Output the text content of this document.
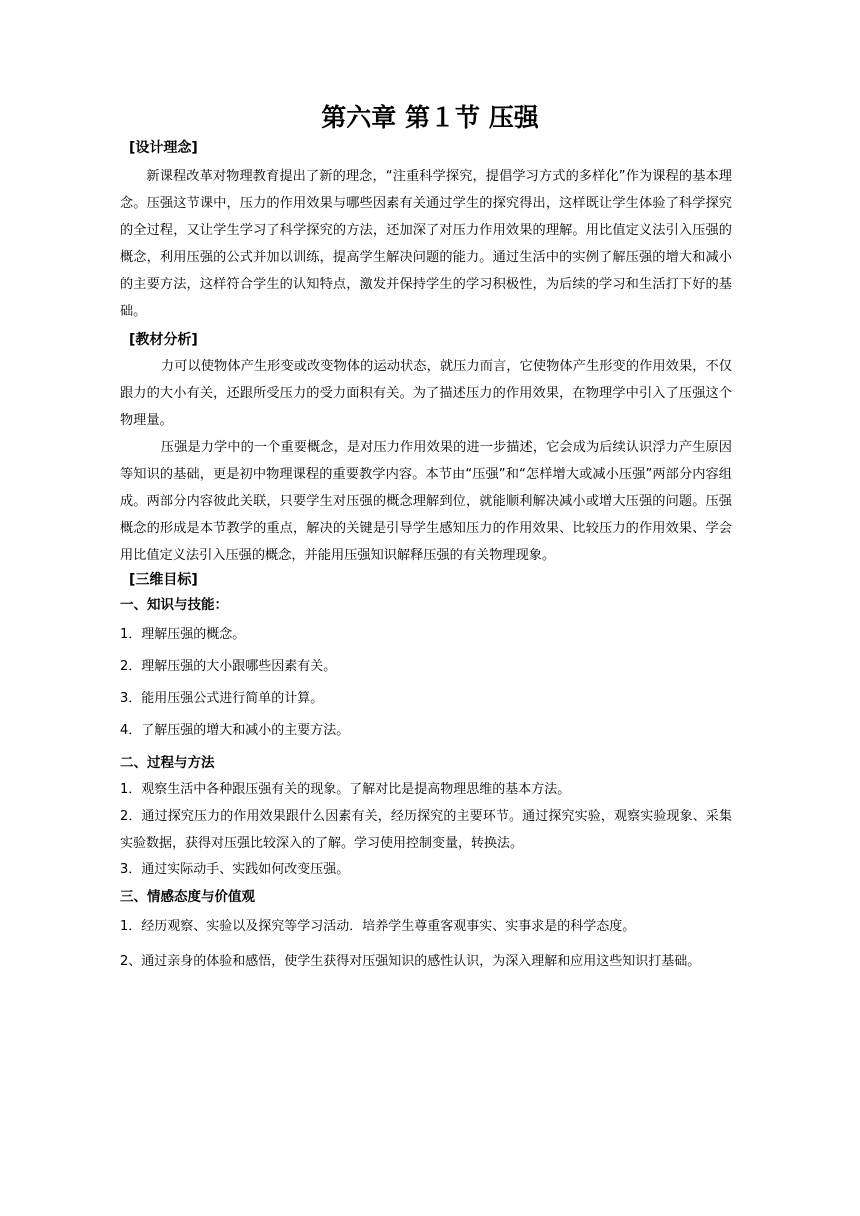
第六章 第１节 压强
[设计理念]

新课程改革对物理教育提出了新的理念，“注重科学探究，提倡学习方式的多样化”作为课程的基本理念。压强这节课中，压力的作用效果与哪些因素有关通过学生的探究得出，这样既让学生体验了科学探究的全过程，又让学生学习了科学探究的方法，还加深了对压力作用效果的理解。用比值定义法引入压强的概念，利用压强的公式并加以训练，提高学生解决问题的能力。通过生活中的实例了解压强的增大和减小的主要方法，这样符合学生的认知特点，激发并保持学生的学习积极性，为后续的学习和生活打下好的基础。

[教材分析]

力可以使物体产生形变或改变物体的运动状态，就压力而言，它使物体产生形变的作用效果，不仅跟力的大小有关，还跟所受压力的受力面积有关。为了描述压力的作用效果，在物理学中引入了压强这个物理量。

压强是力学中的一个重要概念，是对压力作用效果的进一步描述，它会成为后续认识浮力产生原因等知识的基础，更是初中物理课程的重要教学内容。本节由“压强”和“怎样增大或减小压强”两部分内容组成。两部分内容彼此关联，只要学生对压强的概念理解到位，就能顺利解决减小或增大压强的问题。压强概念的形成是本节教学的重点，解决的关键是引导学生感知压力的作用效果、比较压力的作用效果、学会用比值定义法引入压强的概念，并能用压强知识解释压强的有关物理现象。

[三维目标]
一、知识与技能：
1．理解压强的概念。
2．理解压强的大小跟哪些因素有关。
3．能用压强公式进行简单的计算。
4．了解压强的增大和减小的主要方法。
二、过程与方法
1．观察生活中各种跟压强有关的现象。了解对比是提高物理思维的基本方法。
2．通过探究压力的作用效果跟什么因素有关，经历探究的主要环节。通过探究实验，观察实验现象、采集实验数据，获得对压强比较深入的了解。学习使用控制变量，转换法。
3．通过实际动手、实践如何改变压强。
三、情感态度与价值观
1．经历观察、实验以及探究等学习活动．培养学生尊重客观事实、实事求是的科学态度。
2、通过亲身的体验和感悟，使学生获得对压强知识的感性认识，为深入理解和应用这些知识打基础。
